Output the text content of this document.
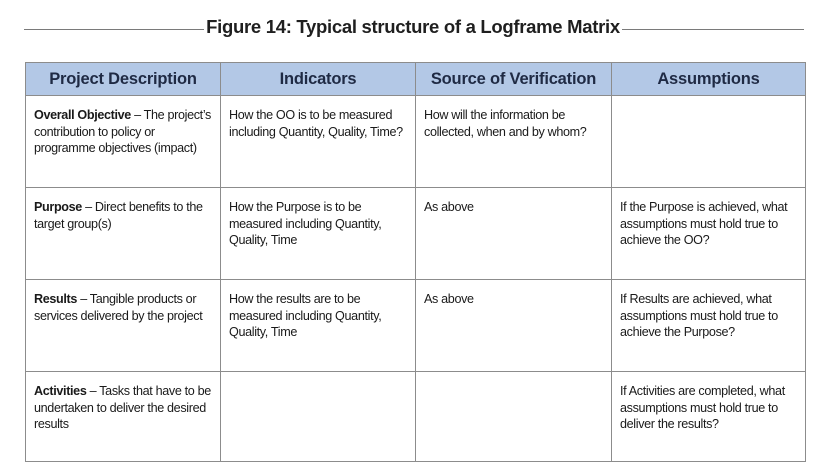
Figure 14: Typical structure of a Logframe Matrix
Project Description	Indicators	Source of Verification	Assumptions
Overall Objective – The project’s contribution to policy or programme objectives (impact)	How the OO is to be measured including Quantity, Quality, Time?	How will the information be collected, when and by whom?	
Purpose – Direct benefits to the target group(s)	How the Purpose is to be measured including Quantity, Quality, Time	As above	If the Purpose is achieved, what assumptions must hold true to achieve the OO?
Results – Tangible products or services delivered by the project	How the results are to be measured including Quantity, Quality, Time	As above	If Results are achieved, what assumptions must hold true to achieve the Purpose?
Activities – Tasks that have to be undertaken to deliver the desired results			If Activities are completed, what assumptions must hold true to deliver the results?
